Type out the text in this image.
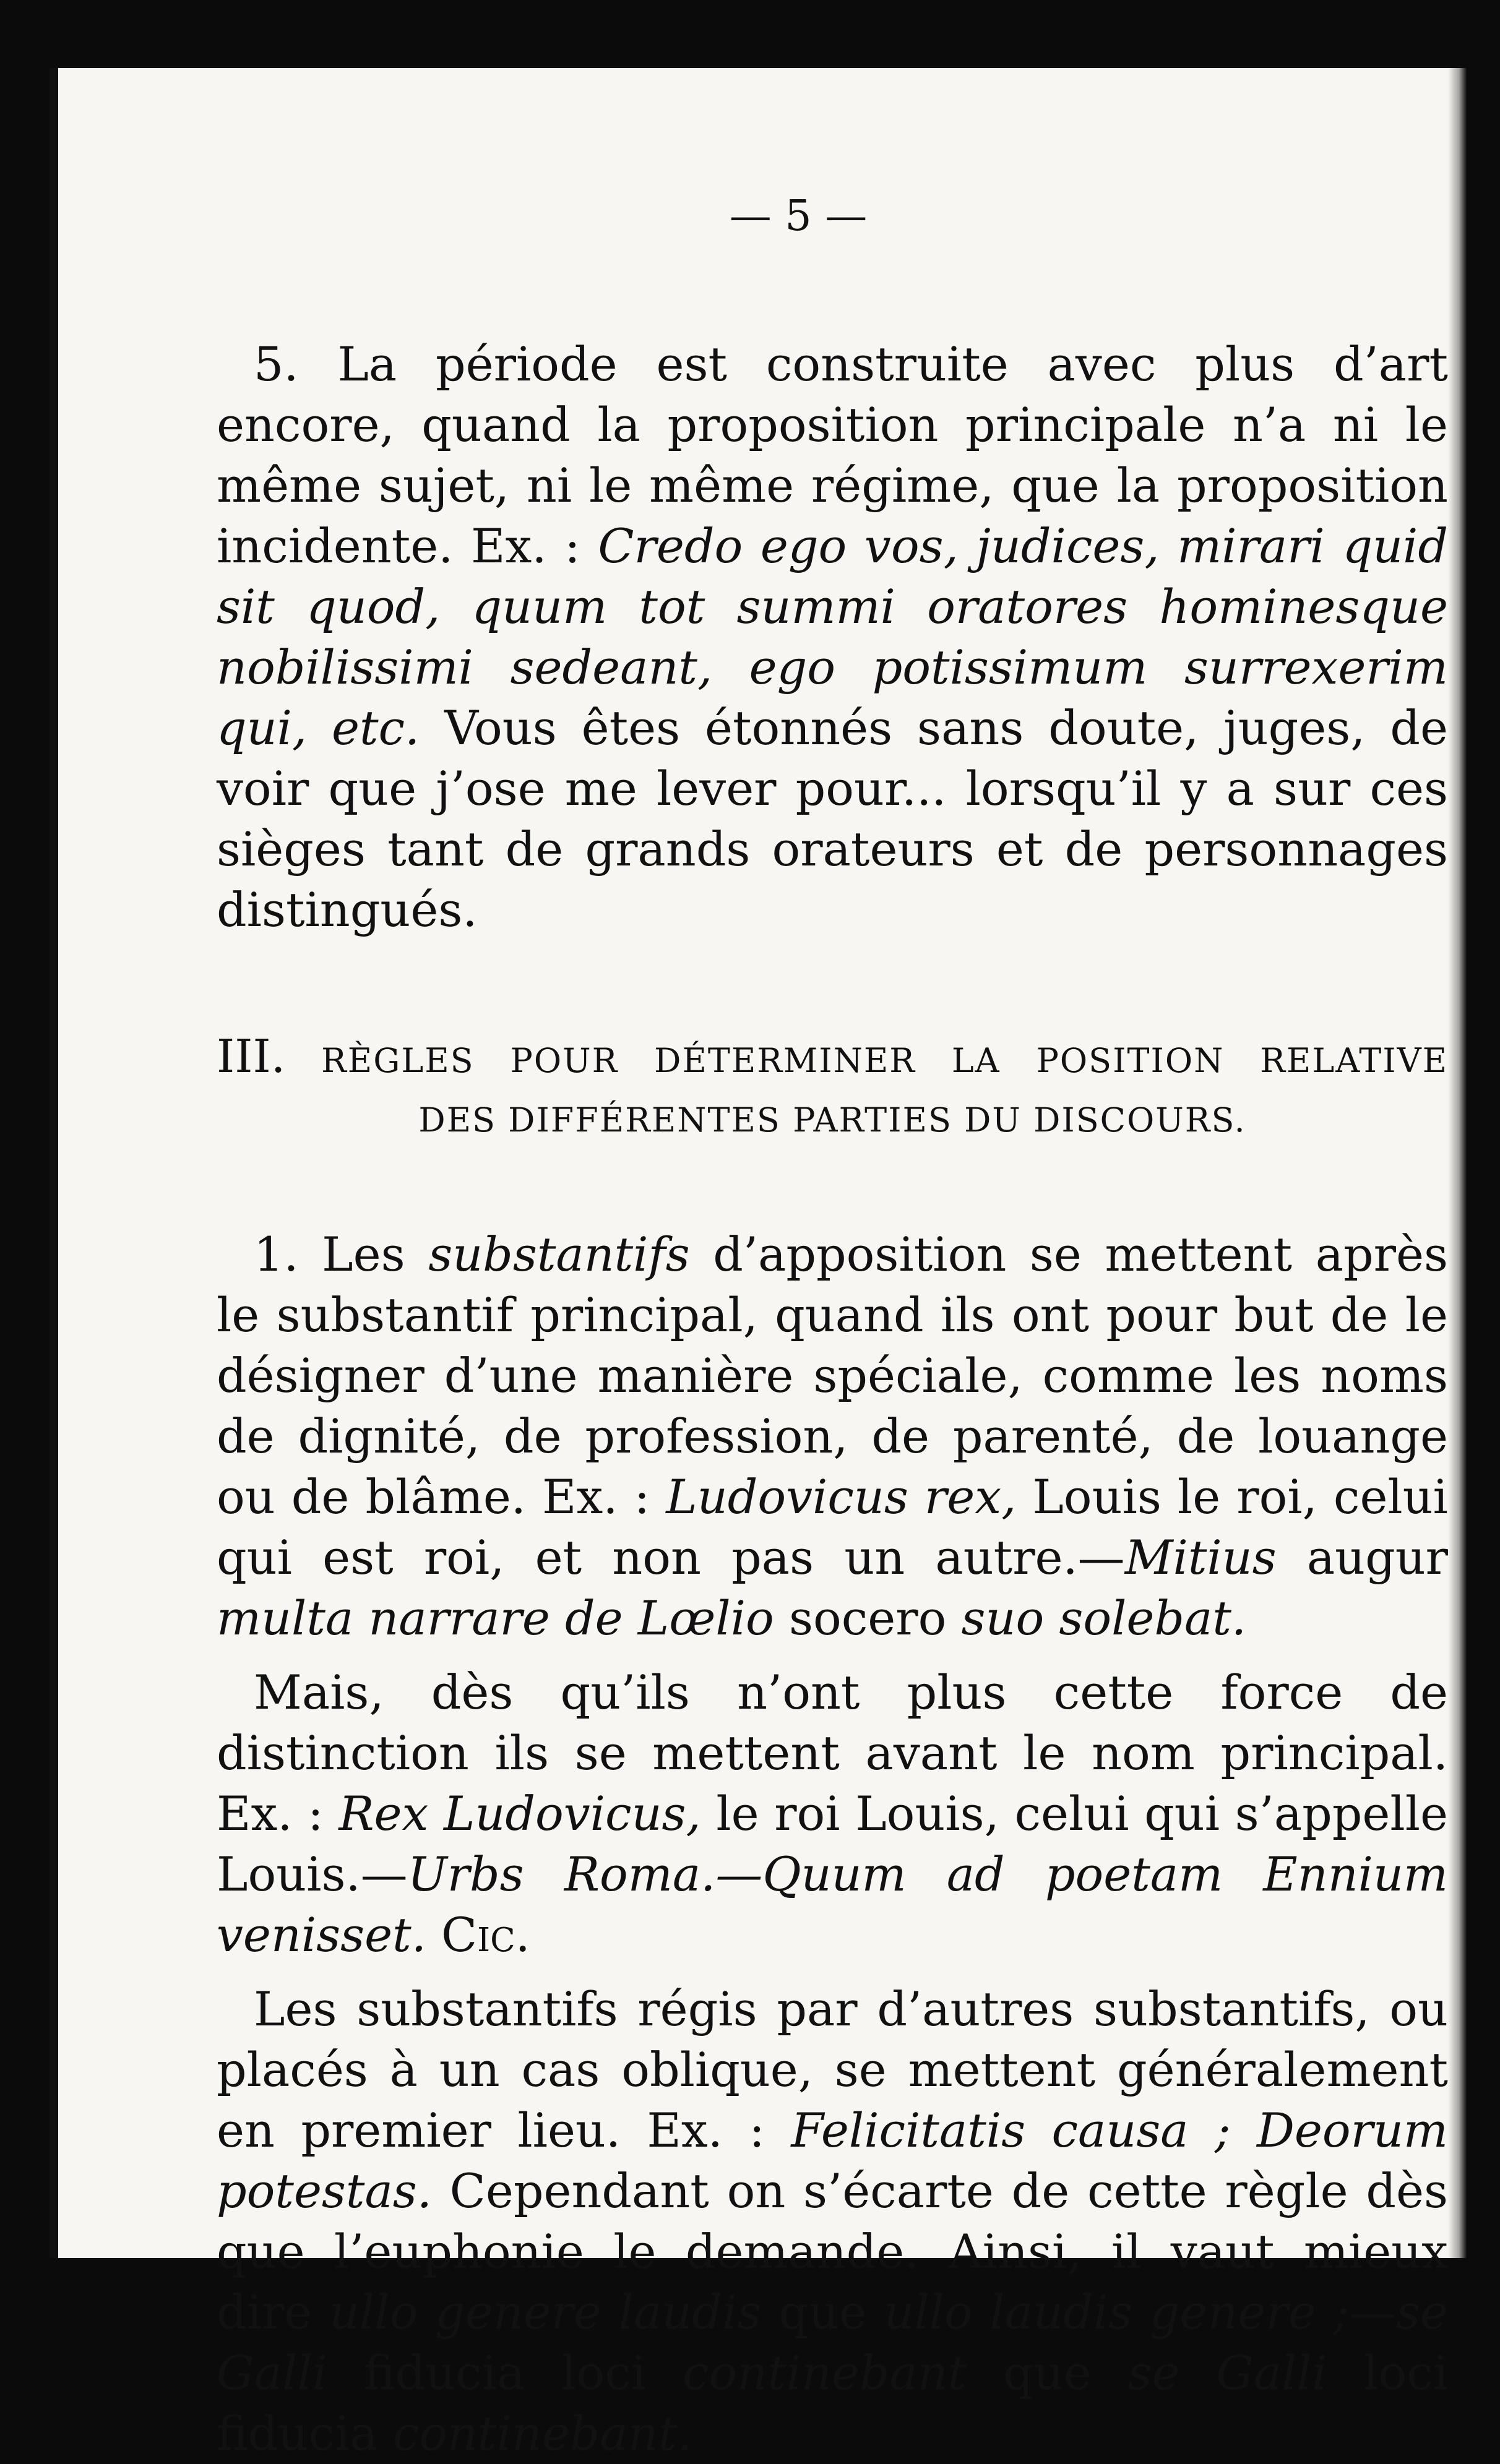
— 5 —

5. La période est construite avec plus d’art encore, quand la proposition principale n’a ni le même sujet, ni le même régime, que la proposition incidente. Ex. : Credo ego vos, judices, mirari quid sit quod, quum tot summi oratores hominesque nobilissimi sedeant, ego potissimum surrexerim qui, etc. Vous êtes étonnés sans doute, juges, de voir que j’ose me lever pour... lorsqu’il y a sur ces sièges tant de grands orateurs et de personnages distingués.

III. RÈGLES POUR DÉTERMINER LA POSITION RELATIVE
DES DIFFÉRENTES PARTIES DU DISCOURS.

1. Les substantifs d’apposition se mettent après le substantif principal, quand ils ont pour but de le désigner d’une manière spéciale, comme les noms de dignité, de profession, de parenté, de louange ou de blâme. Ex. : Ludovicus rex, Louis le roi, celui qui est roi, et non pas un autre.—Mitius augur multa narrare de Lœlio socero suo solebat.

Mais, dès qu’ils n’ont plus cette force de distinction ils se mettent avant le nom principal. Ex. : Rex Ludovicus, le roi Louis, celui qui s’appelle Louis.—Urbs Roma.—Quum ad poetam Ennium venisset. Cic.

Les substantifs régis par d’autres substantifs, ou placés à un cas oblique, se mettent généralement en premier lieu. Ex. : Felicitatis causa ; Deorum potestas. Cependant on s’écarte de cette règle dès que l’euphonie le demande. Ainsi, il vaut mieux dire ullo genere laudis que ullo laudis genere ;—se Galli fiducia loci continebant que se Galli loci fiducia continebant.
